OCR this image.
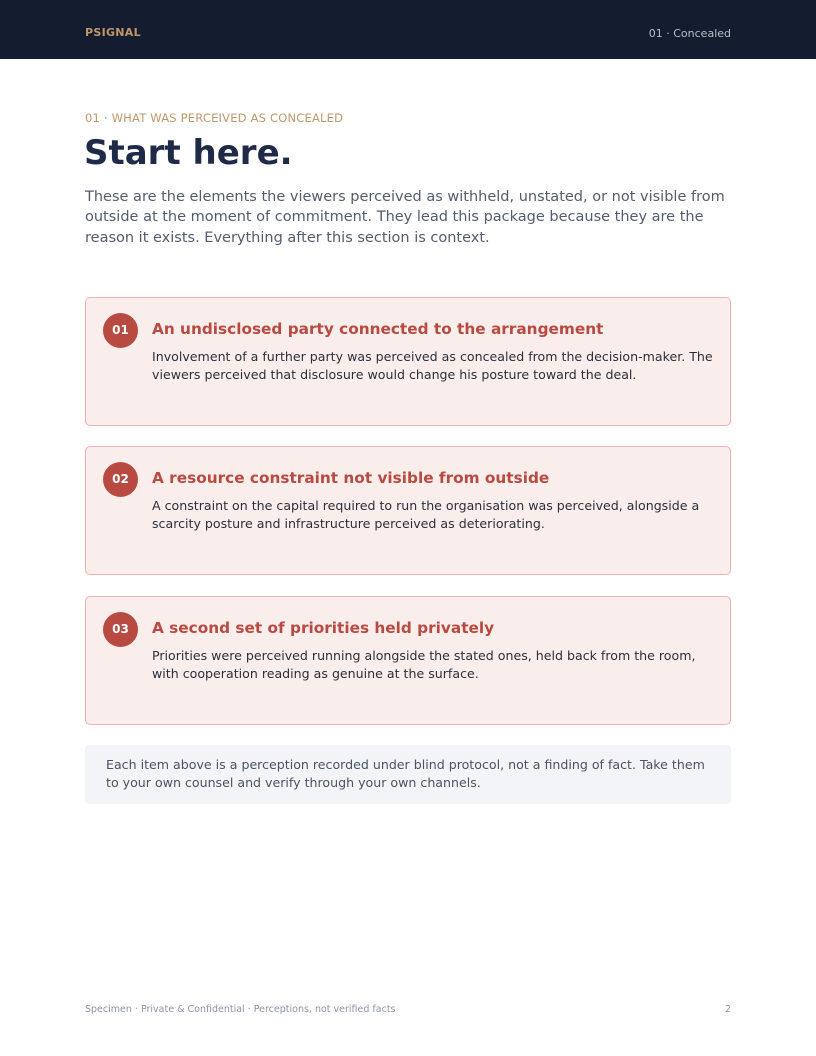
PSIGNAL	01 · Concealed
01 · WHAT WAS PERCEIVED AS CONCEALED
Start here.

These are the elements the viewers perceived as withheld, unstated, or not visible from outside at the moment of commitment. They lead this package because they are the reason it exists. Everything after this section is context.

01	An undisclosed party connected to the arrangement
Involvement of a further party was perceived as concealed from the decision-maker. The viewers perceived that disclosure would change his posture toward the deal.
02	A resource constraint not visible from outside
A constraint on the capital required to run the organisation was perceived, alongside a scarcity posture and infrastructure perceived as deteriorating.
03	A second set of priorities held privately
Priorities were perceived running alongside the stated ones, held back from the room, with cooperation reading as genuine at the surface.
Each item above is a perception recorded under blind protocol, not a finding of fact. Take them to your own counsel and verify through your own channels.
Specimen · Private & Confidential · Perceptions, not verified facts	2
